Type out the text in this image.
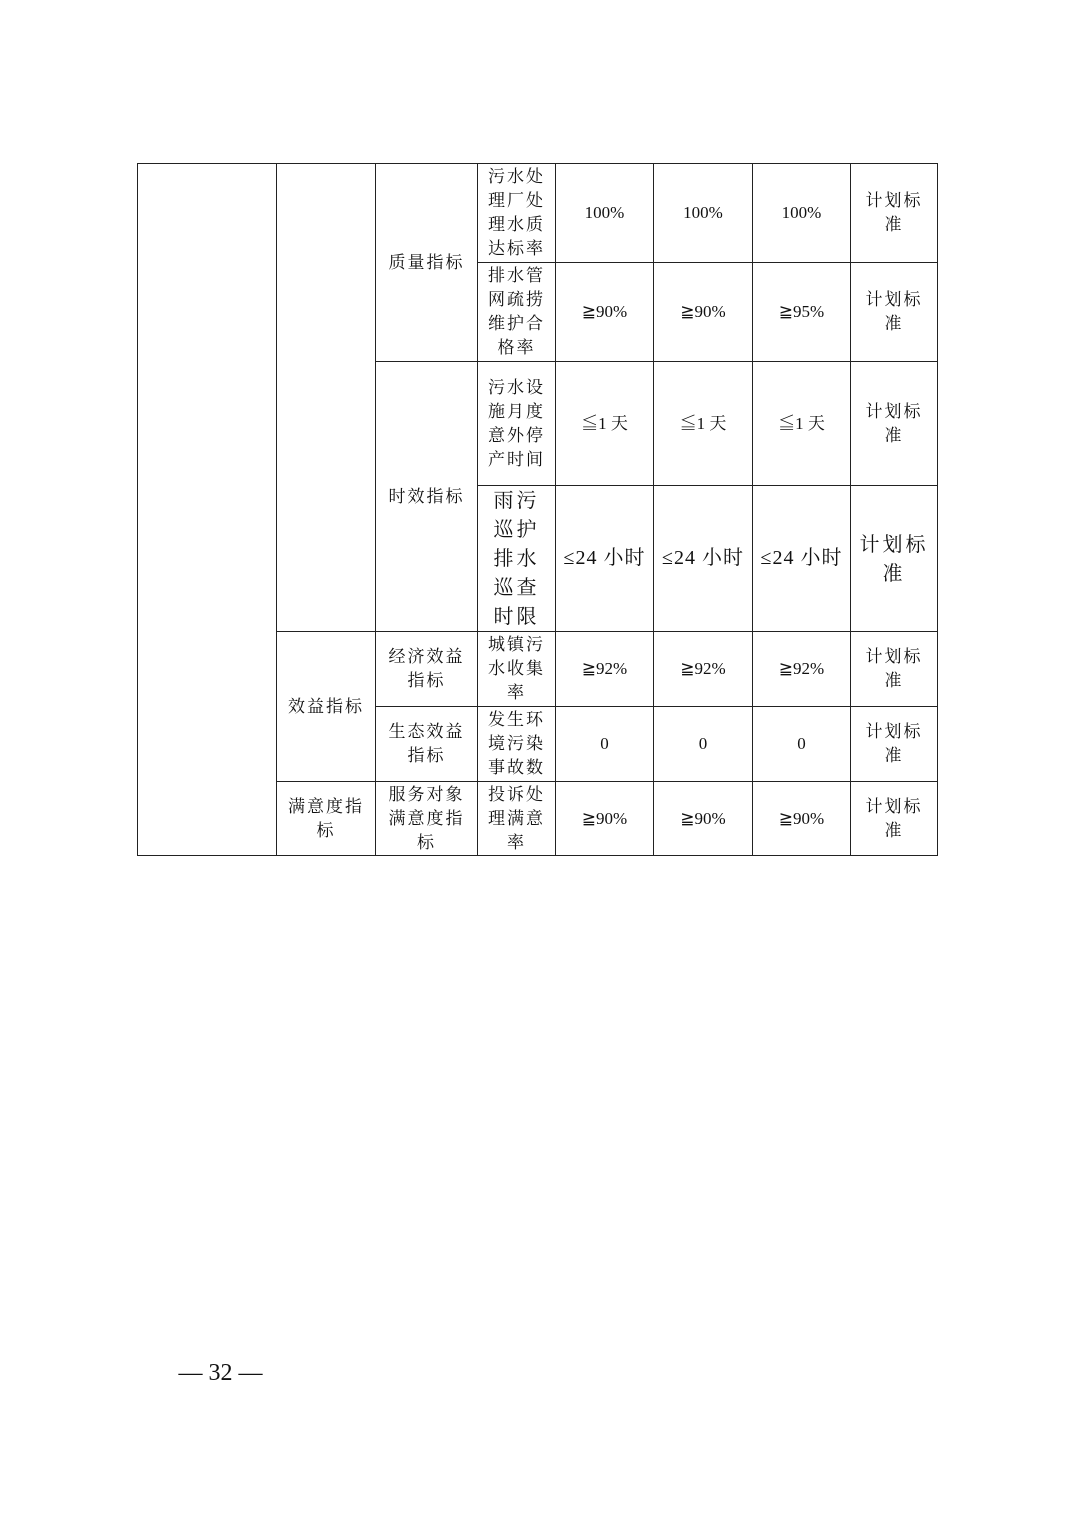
		质量指标	污水处理厂处理水质达标率	100%	100%	100%	计划标准
			排水管网疏捞维护合格率	≧90%	≧90%	≧95%	计划标准
		时效指标	污水设施月度意外停产时间	≦1 天	≦1 天	≦1 天	计划标准
			雨污巡护排水巡查时限	≤24 小时	≤24 小时	≤24 小时	计划标准
	效益指标	经济效益指标	城镇污水收集率	≧92%	≧92%	≧92%	计划标准
		生态效益指标	发生环境污染事故数	0	0	0	计划标准
	满意度指标	服务对象满意度指标	投诉处理满意率	≧90%	≧90%	≧90%	计划标准
— 32 —
